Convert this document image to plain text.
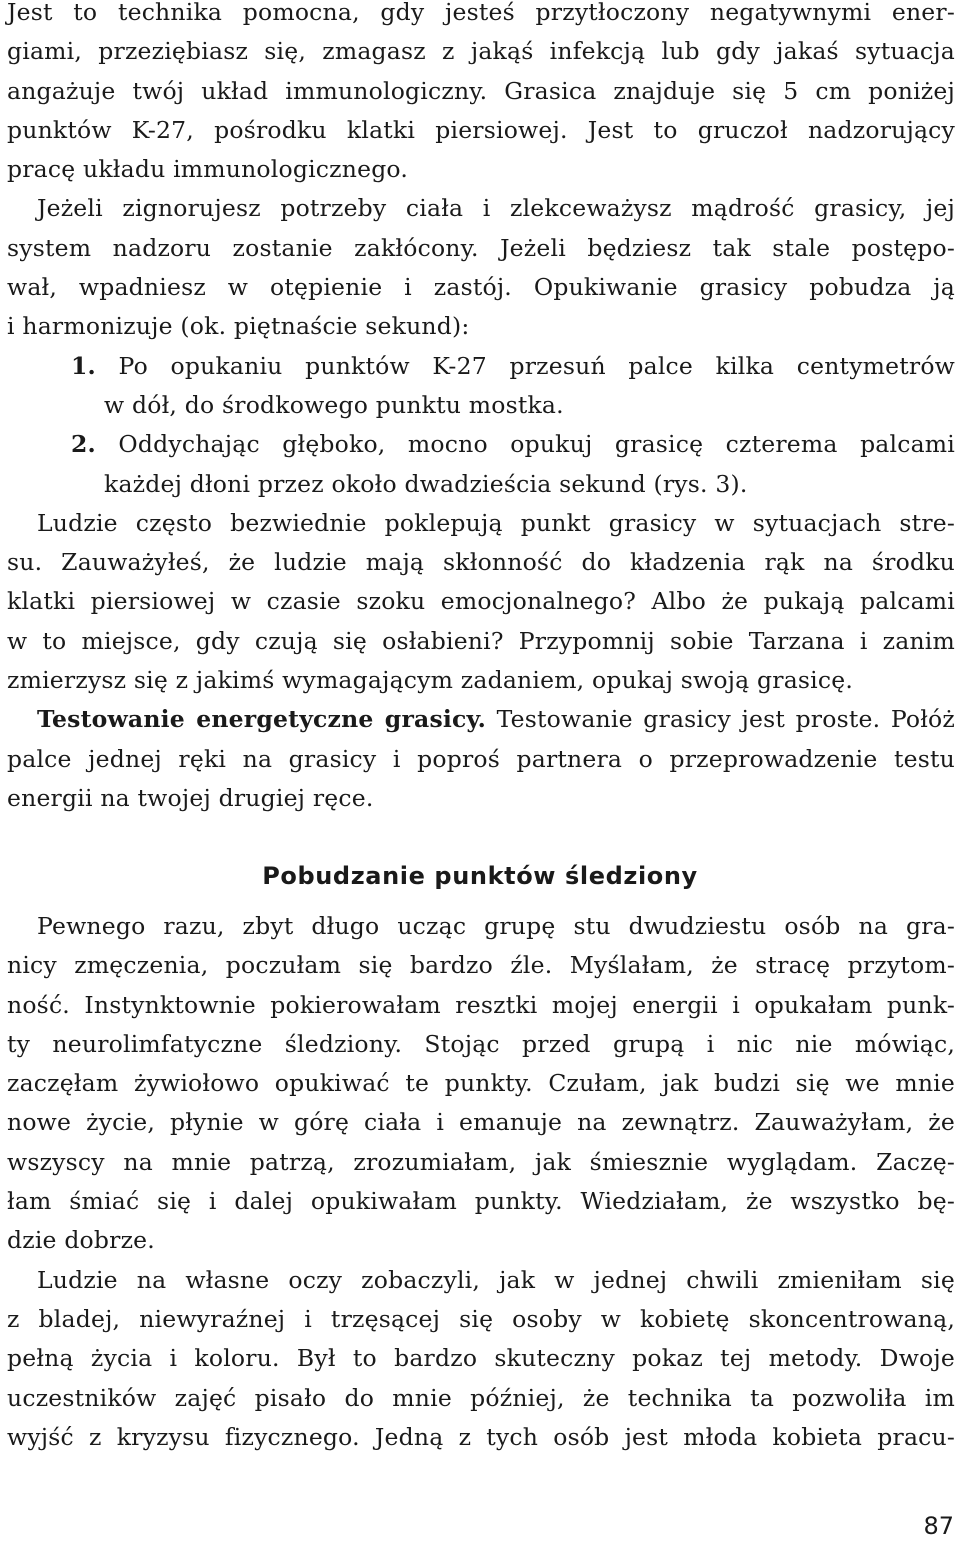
Jest to technika pomocna, gdy jesteś przytłoczony negatywnymi ener-
giami, przeziębiasz się, zmagasz z jakąś infekcją lub gdy jakaś sytuacja
angażuje twój układ immunologiczny. Grasica znajduje się 5 cm poniżej
punktów K-27, pośrodku klatki piersiowej. Jest to gruczoł nadzorujący
pracę układu immunologicznego.
Jeżeli zignorujesz potrzeby ciała i zlekceważysz mądrość grasicy, jej
system nadzoru zostanie zakłócony. Jeżeli będziesz tak stale postępo-
wał, wpadniesz w otępienie i zastój. Opukiwanie grasicy pobudza ją
i harmonizuje (ok. piętnaście sekund):
1. Po opukaniu punktów K-27 przesuń palce kilka centymetrów
w dół, do środkowego punktu mostka.
2. Oddychając głęboko, mocno opukuj grasicę czterema palcami
każdej dłoni przez około dwadzieścia sekund (rys. 3).
Ludzie często bezwiednie poklepują punkt grasicy w sytuacjach stre-
su. Zauważyłeś, że ludzie mają skłonność do kładzenia rąk na środku
klatki piersiowej w czasie szoku emocjonalnego? Albo że pukają palcami
w to miejsce, gdy czują się osłabieni? Przypomnij sobie Tarzana i zanim
zmierzysz się z jakimś wymagającym zadaniem, opukaj swoją grasicę.
Testowanie energetyczne grasicy. Testowanie grasicy jest proste. Połóż
palce jednej ręki na grasicy i poproś partnera o przeprowadzenie testu
energii na twojej drugiej ręce.
Pobudzanie punktów śledziony
Pewnego razu, zbyt długo ucząc grupę stu dwudziestu osób na gra-
nicy zmęczenia, poczułam się bardzo źle. Myślałam, że stracę przytom-
ność. Instynktownie pokierowałam resztki mojej energii i opukałam punk-
ty neurolimfatyczne śledziony. Stojąc przed grupą i nic nie mówiąc,
zaczęłam żywiołowo opukiwać te punkty. Czułam, jak budzi się we mnie
nowe życie, płynie w górę ciała i emanuje na zewnątrz. Zauważyłam, że
wszyscy na mnie patrzą, zrozumiałam, jak śmiesznie wyglądam. Zaczę-
łam śmiać się i dalej opukiwałam punkty. Wiedziałam, że wszystko bę-
dzie dobrze.
Ludzie na własne oczy zobaczyli, jak w jednej chwili zmieniłam się
z bladej, niewyraźnej i trzęsącej się osoby w kobietę skoncentrowaną,
pełną życia i koloru. Był to bardzo skuteczny pokaz tej metody. Dwoje
uczestników zajęć pisało do mnie później, że technika ta pozwoliła im
wyjść z kryzysu fizycznego. Jedną z tych osób jest młoda kobieta pracu-
87
